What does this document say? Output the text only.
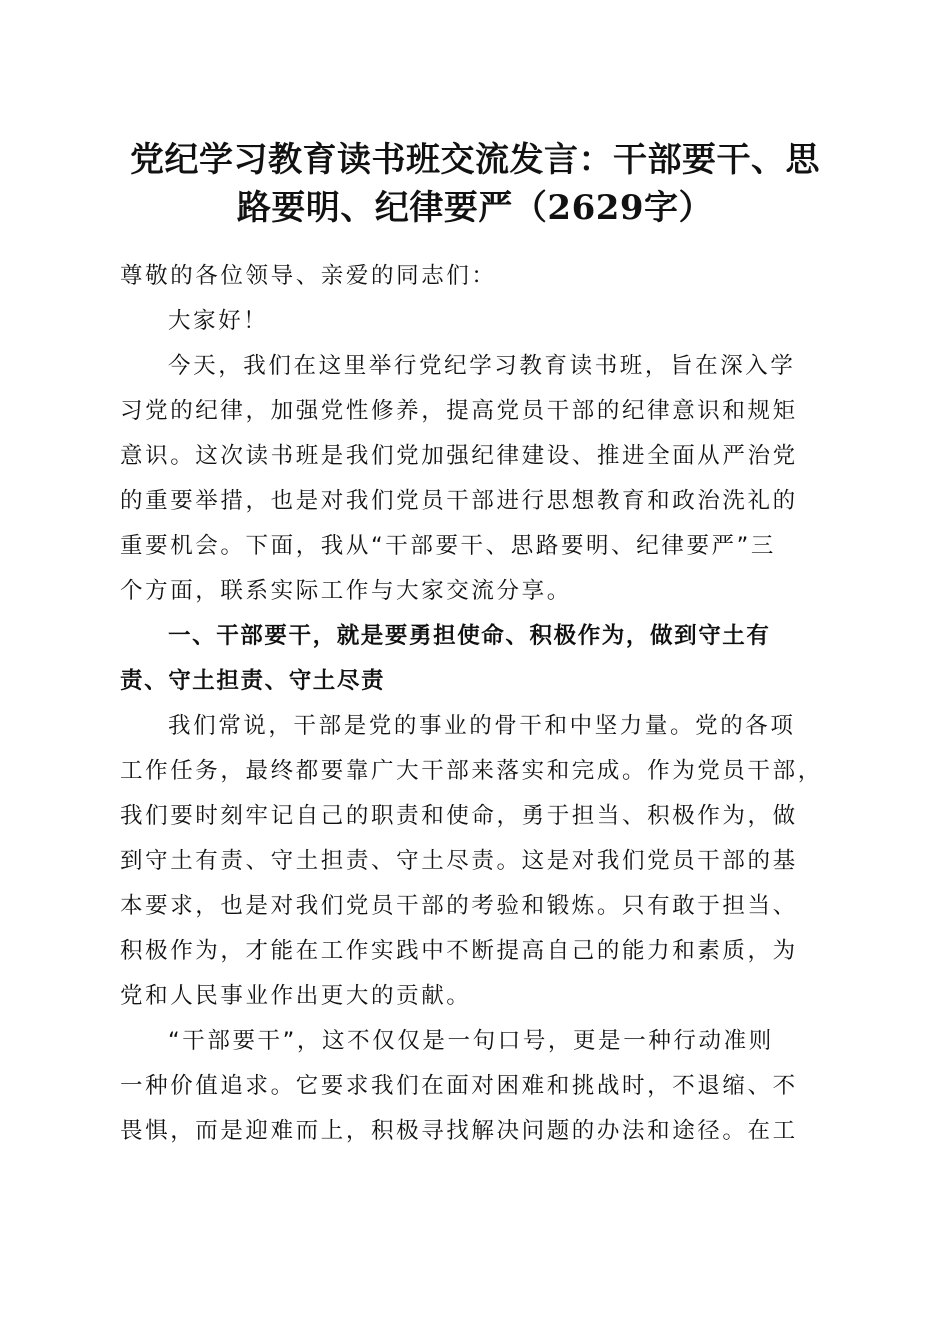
党纪学习教育读书班交流发言：干部要干、思
路要明、纪律要严（2629字）

尊敬的各位领导、亲爱的同志们：

大家好！

今天，我们在这里举行党纪学习教育读书班，旨在深入学
习党的纪律，加强党性修养，提高党员干部的纪律意识和规矩
意识。这次读书班是我们党加强纪律建设、推进全面从严治党
的重要举措，也是对我们党员干部进行思想教育和政治洗礼的
重要机会。下面，我从“干部要干、思路要明、纪律要严”三
个方面，联系实际工作与大家交流分享。

一、干部要干，就是要勇担使命、积极作为，做到守土有
责、守土担责、守土尽责

我们常说，干部是党的事业的骨干和中坚力量。党的各项
工作任务，最终都要靠广大干部来落实和完成。作为党员干部，
我们要时刻牢记自己的职责和使命，勇于担当、积极作为，做
到守土有责、守土担责、守土尽责。这是对我们党员干部的基
本要求，也是对我们党员干部的考验和锻炼。只有敢于担当、
积极作为，才能在工作实践中不断提高自己的能力和素质，为
党和人民事业作出更大的贡献。

“干部要干”，这不仅仅是一句口号，更是一种行动准则
一种价值追求。它要求我们在面对困难和挑战时，不退缩、不
畏惧，而是迎难而上，积极寻找解决问题的办法和途径。在工
